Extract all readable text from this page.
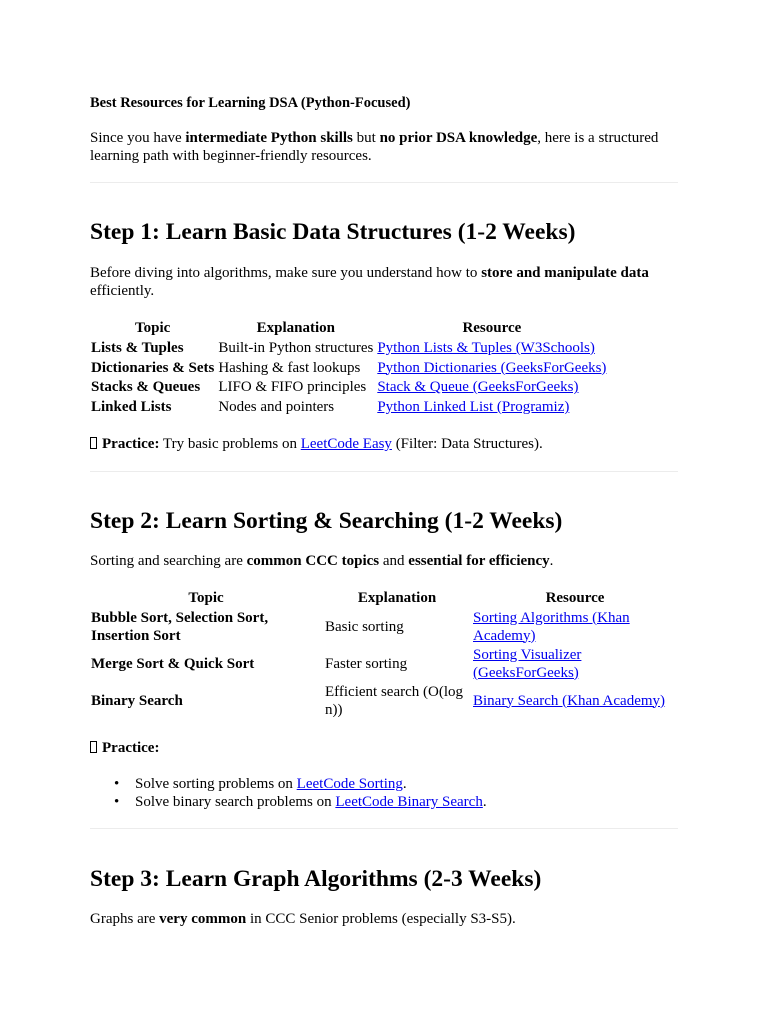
Best Resources for Learning DSA (Python-Focused)

Since you have intermediate Python skills but no prior DSA knowledge, here is a structured learning path with beginner-friendly resources.

Step 1: Learn Basic Data Structures (1-2 Weeks)

Before diving into algorithms, make sure you understand how to store and manipulate data efficiently.

Topic	Explanation	Resource
Lists & Tuples	Built-in Python structures	Python Lists & Tuples (W3Schools)
Dictionaries & Sets	Hashing & fast lookups	Python Dictionaries (GeeksForGeeks)
Stacks & Queues	LIFO & FIFO principles	Stack & Queue (GeeksForGeeks)
Linked Lists	Nodes and pointers	Python Linked List (Programiz)

Practice: Try basic problems on LeetCode Easy (Filter: Data Structures).

Step 2: Learn Sorting & Searching (1-2 Weeks)

Sorting and searching are common CCC topics and essential for efficiency.

Topic	Explanation	Resource
Bubble Sort, Selection Sort, Insertion Sort	Basic sorting	Sorting Algorithms (Khan Academy)
Merge Sort & Quick Sort	Faster sorting	Sorting Visualizer (GeeksForGeeks)
Binary Search	Efficient search (O(log n))	Binary Search (Khan Academy)

Practice:

• Solve sorting problems on LeetCode Sorting.
• Solve binary search problems on LeetCode Binary Search.
Step 3: Learn Graph Algorithms (2-3 Weeks)

Graphs are very common in CCC Senior problems (especially S3-S5).
